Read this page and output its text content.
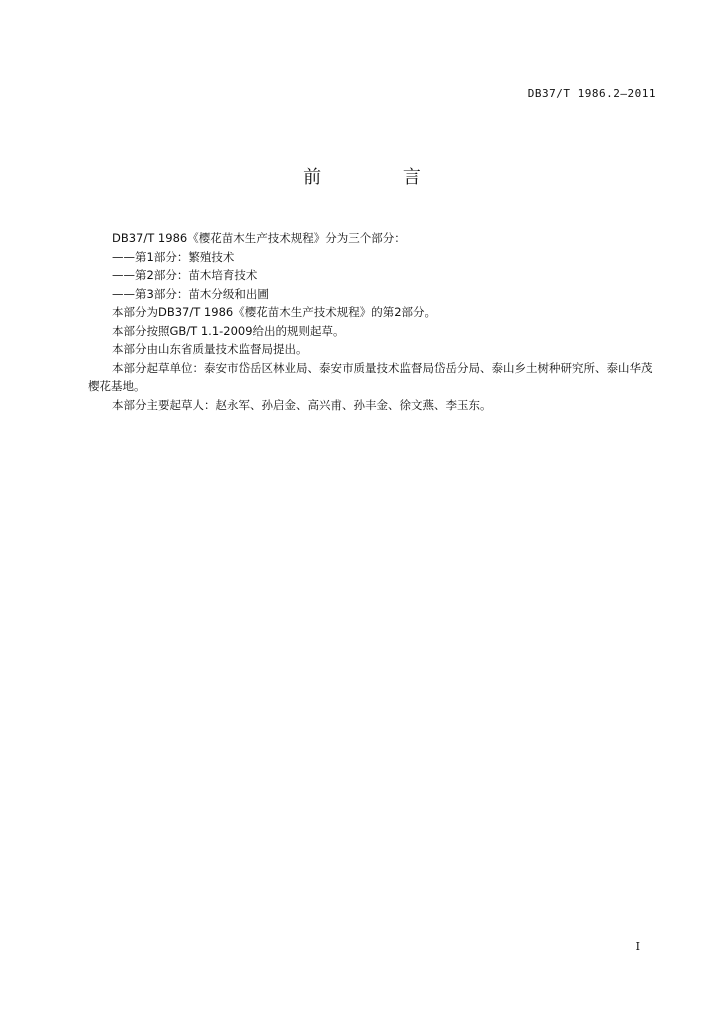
DB37/T 1986.2—2011
前 言

DB37/T 1986《樱花苗木生产技术规程》分为三个部分：

——第1部分：繁殖技术

——第2部分：苗木培育技术

——第3部分：苗木分级和出圃

本部分为DB37/T 1986《樱花苗木生产技术规程》的第2部分。

本部分按照GB/T 1.1-2009给出的规则起草。

本部分由山东省质量技术监督局提出。

本部分起草单位：泰安市岱岳区林业局、泰安市质量技术监督局岱岳分局、泰山乡土树种研究所、泰山华茂樱花基地。

本部分主要起草人：赵永军、孙启金、高兴甫、孙丰金、徐文燕、李玉东。

I
